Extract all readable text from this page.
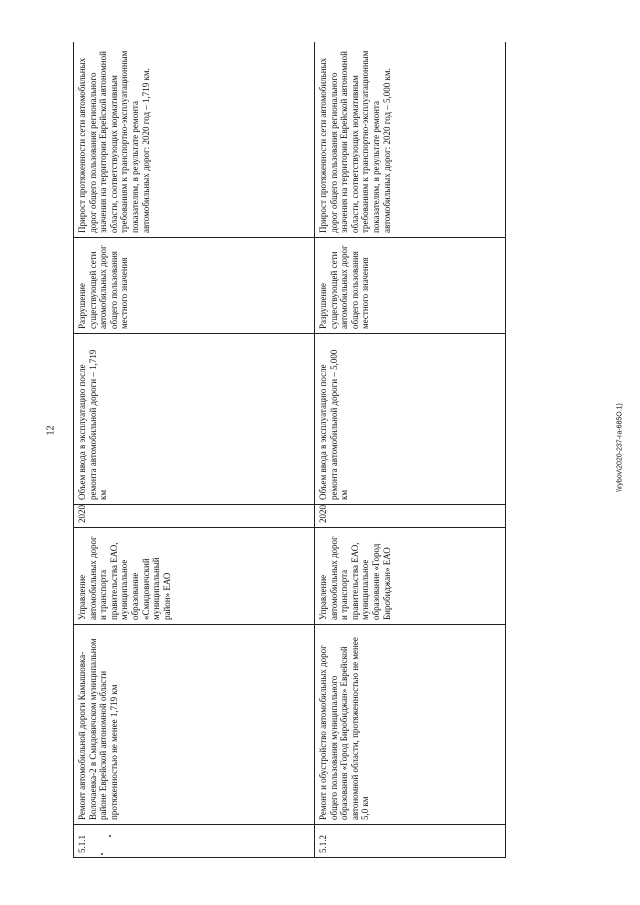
12	\\rybov\2020-237-ra-685О.1)
5.1.1	Ремонт автомобильной дороги Камышовка-Волочаевка-2 в Смидовичском муниципальном районе Еврейской автономной области протяженностью не менее 1,719 км	Управление автомобильных дорог и транспорта правительства ЕАО, муниципальное образование «Смидовичский муниципальный район» ЕАО	2020	Объем ввода в эксплуатацию после ремонта автомобильной дороги – 1,719 км	Разрушение существующей сети автомобильных дорог общего пользования местного значения	Прирост протяженности сети автомобильных дорог общего пользования регионального значения на территории Еврейской автономной области, соответствующих нормативным требованиям к транспортно-эксплуатационным показателям, в результате ремонта автомобильных дорог: 2020 год – 1,719 км.

5.1.2	Ремонт и обустройство автомобильных дорог общего пользования муниципального образования «Город Биробиджан» Еврейской автономной области, протяженностью не менее 5,0 км	Управление автомобильных дорог и транспорта правительства ЕАО, муниципальное образование «Город Биробиджан» ЕАО	2020	Объем ввода в эксплуатацию после ремонта автомобильной дороги – 5,000 км	Разрушение существующей сети автомобильных дорог общего пользования местного значения	Прирост протяженности сети автомобильных дорог общего пользования регионального значения на территории Еврейской автономной области, соответствующих нормативным требованиям к транспортно-эксплуатационным показателям, в результате ремонта автомобильных дорог: 2020 год – 5,000 км.
